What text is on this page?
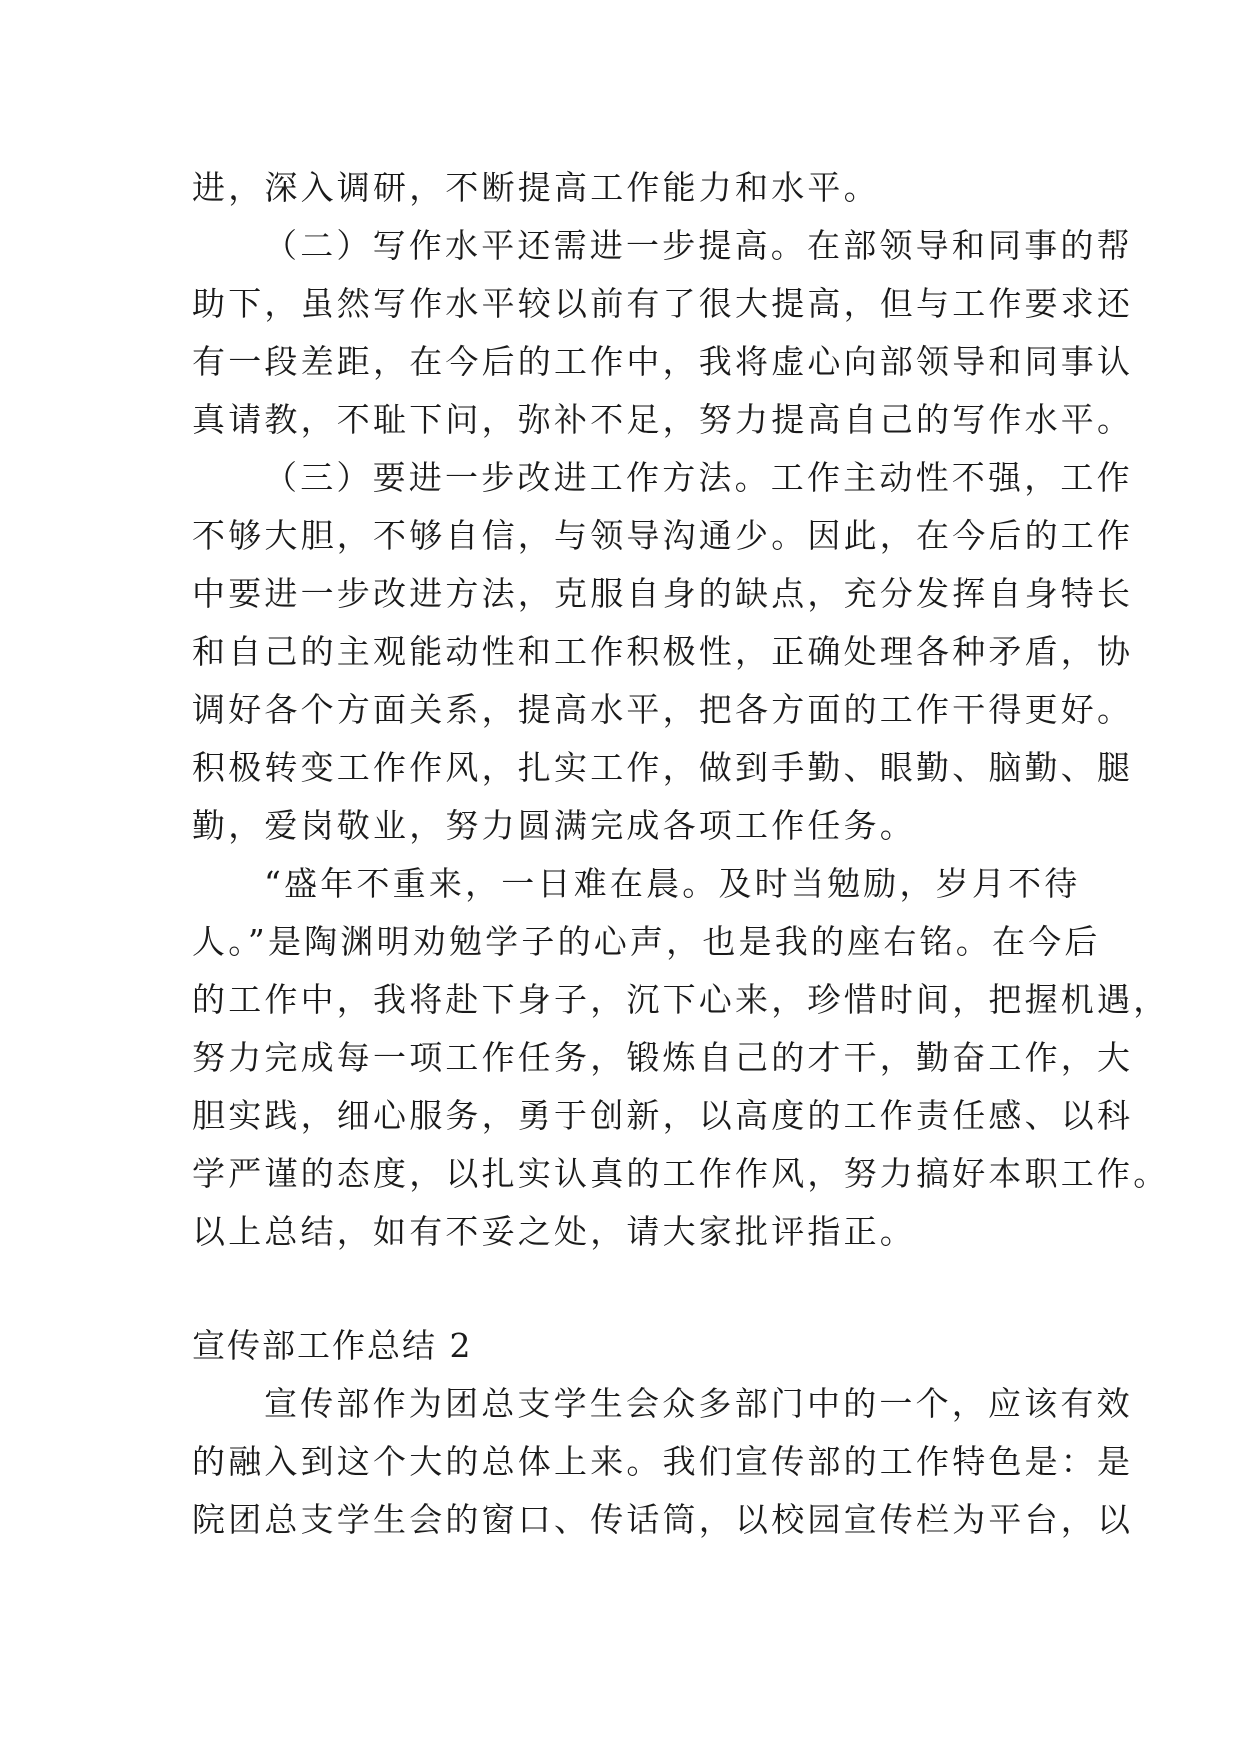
进，深入调研，不断提高工作能力和水平。
（二）写作水平还需进一步提高。在部领导和同事的帮
助下，虽然写作水平较以前有了很大提高，但与工作要求还
有一段差距，在今后的工作中，我将虚心向部领导和同事认
真请教，不耻下问，弥补不足，努力提高自己的写作水平。
（三）要进一步改进工作方法。工作主动性不强，工作
不够大胆，不够自信，与领导沟通少。因此，在今后的工作
中要进一步改进方法，克服自身的缺点，充分发挥自身特长
和自己的主观能动性和工作积极性，正确处理各种矛盾，协
调好各个方面关系，提高水平，把各方面的工作干得更好。
积极转变工作作风，扎实工作，做到手勤、眼勤、脑勤、腿
勤，爱岗敬业，努力圆满完成各项工作任务。
“盛年不重来，一日难在晨。及时当勉励，岁月不待
人。”是陶渊明劝勉学子的心声，也是我的座右铭。在今后
的工作中，我将赴下身子，沉下心来，珍惜时间，把握机遇，
努力完成每一项工作任务，锻炼自己的才干，勤奋工作，大
胆实践，细心服务，勇于创新，以高度的工作责任感、以科
学严谨的态度，以扎实认真的工作作风，努力搞好本职工作。
以上总结，如有不妥之处，请大家批评指正。
宣传部工作总结 2
宣传部作为团总支学生会众多部门中的一个，应该有效
的融入到这个大的总体上来。我们宣传部的工作特色是：是
院团总支学生会的窗口、传话筒，以校园宣传栏为平台，以
